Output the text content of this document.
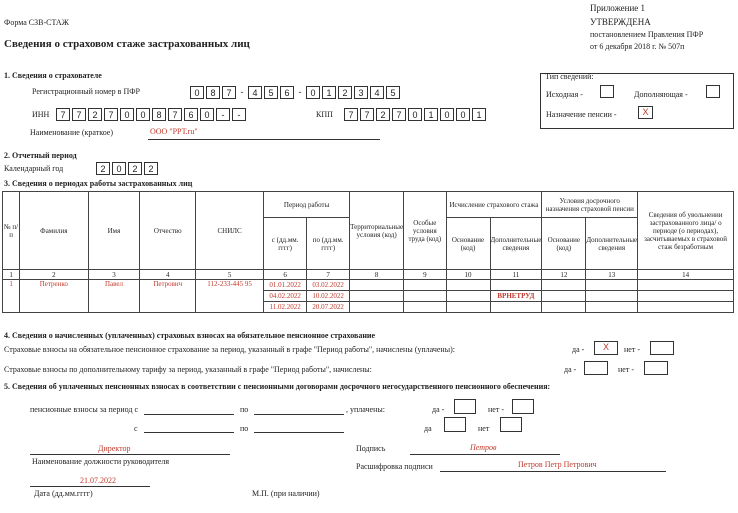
Форма СЗВ-СТАЖ
Сведения о страховом стаже застрахованных лиц
Приложение 1
УТВЕРЖДЕНА
постановлением Правления ПФР
от 6 декабря 2018 г. № 507п
1. Сведения о страхователе
Регистрационный номер в ПФР	0	8	7	- 4	5	6	- 0	1	2	3	4	5
ИНН	7	7	2	7	0	0	8	7	6	0	-	-	КПП	7	7	2	7	0	1	0	0	1
Наименование (краткое)	ООО "РРТ.ru"
Тип сведений:
Исходная -	Дополняющая -
Назначение пенсии -	Х
2. Отчетный период
Календарный год	2	0	2	2
3. Сведения о периодах работы застрахованных лиц
№ п/п	Фамилия	Имя	Отчество	СНИЛС	Период работы		Территориальные условия (код)	Особые условия труда (код)	Исчисление страхового стажа		Условия досрочного назначения страховой пенсии		Сведения об увольнении застрахованного лица/ о периоде (о периодах), засчитываемых в страховой стаж безработным
					с (дд.мм. гггг)	по (дд.мм. гггг)			Основание (код)	Дополнительные сведения	Основание (код)	Дополнительные сведения	
1	2	3	4	5	6	7	8	9	10	11	12	13	14
1	Петренко	Павел	Петрович	112-233-445 95	01.01.2022	03.02.2022							
					04.02.2022	10.02.2022				ВРНЕТРУД			
					11.02.2022	20.07.2022							
4. Сведения о начисленных (уплаченных) страховых взносах на обязательное пенсионное страхование
Страховые взносы на обязательное пенсионное страхование за период, указанный в графе "Период работы", начислены (уплачены):	да -	Х	нет -
Страховые взносы по дополнительному тарифу за период, указанный в графе "Период работы", начислены:	да -	нет -
5. Сведения об уплаченных пенсионных взносах в соответствии с пенсионными договорами досрочного негосударственного пенсионного обеспечения:
пенсионные взносы за период с	по	, уплачены:	да -	нет -
с	по	да	нет
Директор
Наименование должности руководителя
Подпись	Петров
Расшифровка подписи	Петров Петр Петрович
21.07.2022
Дата (дд.мм.гггг)	М.П. (при наличии)
